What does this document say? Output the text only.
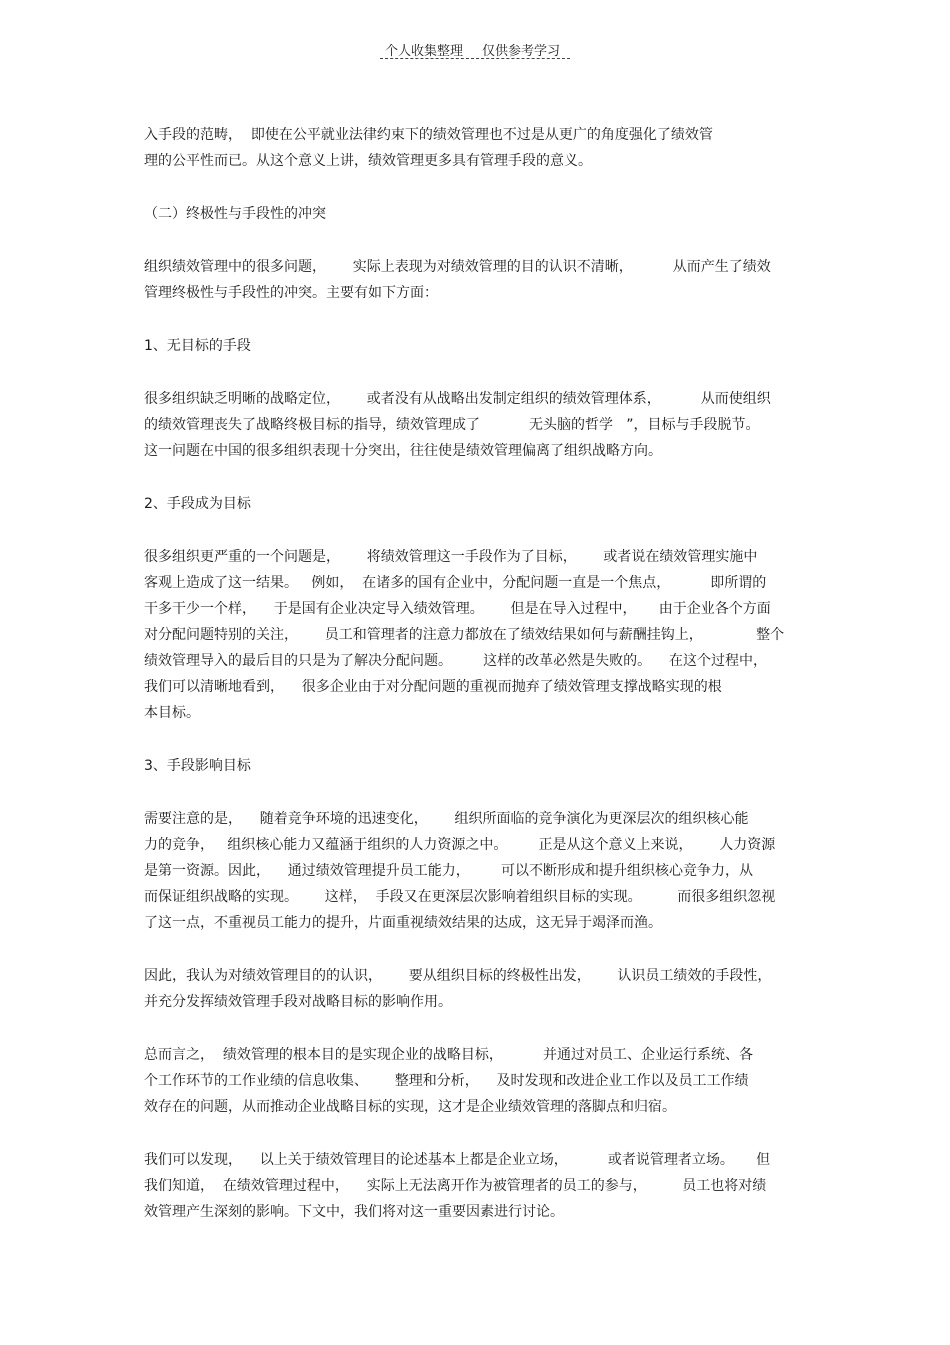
个人收集整理 仅供参考学习
入手段的范畴，  即使在公平就业法律约束下的绩效管理也不过是从更广的角度强化了绩效管
理的公平性而已。从这个意义上讲，绩效管理更多具有管理手段的意义。
（二）终极性与手段性的冲突
组织绩效管理中的很多问题，      实际上表现为对绩效管理的目的认识不清晰，         从而产生了绩效
管理终极性与手段性的冲突。主要有如下方面：
1、无目标的手段
很多组织缺乏明晰的战略定位，      或者没有从战略出发制定组织的绩效管理体系，         从而使组织
的绩效管理丧失了战略终极目标的指导，绩效管理成了           无头脑的哲学   ”，目标与手段脱节。
这一问题在中国的很多组织表现十分突出，往往使是绩效管理偏离了组织战略方向。
2、手段成为目标
很多组织更严重的一个问题是，      将绩效管理这一手段作为了目标，      或者说在绩效管理实施中
客观上造成了这一结果。   例如，  在诸多的国有企业中，分配问题一直是一个焦点，         即所谓的
干多干少一个样，    于是国有企业决定导入绩效管理。      但是在导入过程中，     由于企业各个方面
对分配问题特别的关注，      员工和管理者的注意力都放在了绩效结果如何与薪酬挂钩上，            整个
绩效管理导入的最后目的只是为了解决分配问题。       这样的改革必然是失败的。    在这个过程中，
我们可以清晰地看到，    很多企业由于对分配问题的重视而抛弃了绩效管理支撑战略实现的根
本目标。
3、手段影响目标
需要注意的是，    随着竞争环境的迅速变化，      组织所面临的竞争演化为更深层次的组织核心能
力的竞争，   组织核心能力又蕴涵于组织的人力资源之中。       正是从这个意义上来说，      人力资源
是第一资源。因此，    通过绩效管理提升员工能力，       可以不断形成和提升组织核心竞争力，从
而保证组织战略的实现。      这样，  手段又在更深层次影响着组织目标的实现。        而很多组织忽视
了这一点，不重视员工能力的提升，片面重视绩效结果的达成，这无异于竭泽而渔。
因此，我认为对绩效管理目的的认识，      要从组织目标的终极性出发，      认识员工绩效的手段性，
并充分发挥绩效管理手段对战略目标的影响作用。
总而言之，  绩效管理的根本目的是实现企业的战略目标，         并通过对员工、企业运行系统、各
个工作环节的工作业绩的信息收集、      整理和分析，    及时发现和改进企业工作以及员工工作绩
效存在的问题，从而推动企业战略目标的实现，这才是企业绩效管理的落脚点和归宿。
我们可以发现，    以上关于绩效管理目的论述基本上都是企业立场，         或者说管理者立场。     但
我们知道，  在绩效管理过程中，    实际上无法离开作为被管理者的员工的参与，        员工也将对绩
效管理产生深刻的影响。下文中，我们将对这一重要因素进行讨论。
